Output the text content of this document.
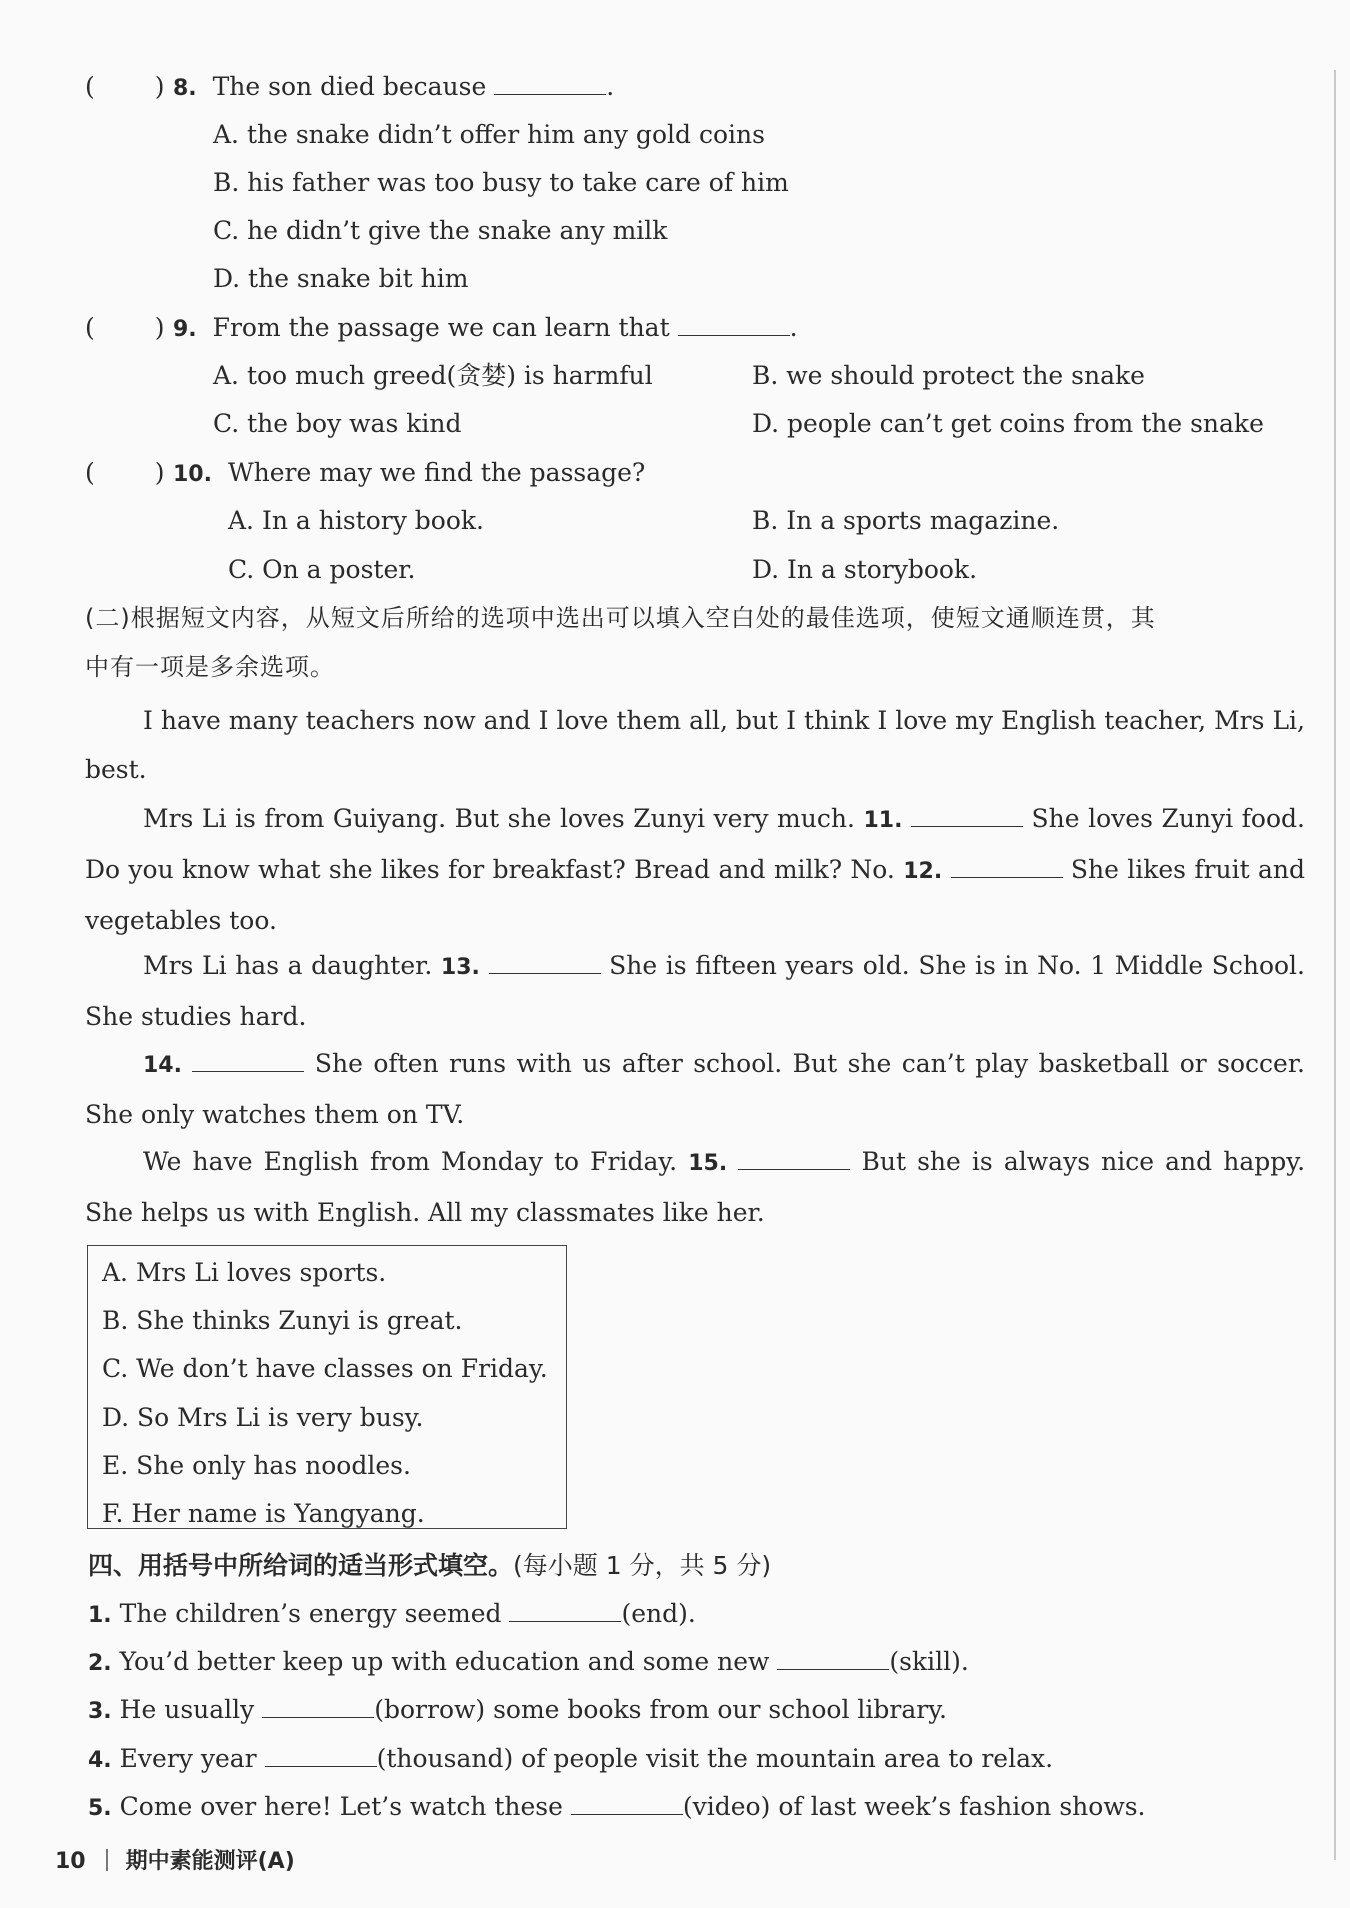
( ) 8. The son died because	.
A. the snake didn’t offer him any gold coins
B. his father was too busy to take care of him
C. he didn’t give the snake any milk
D. the snake bit him
( ) 9. From the passage we can learn that	.
A. too much greed(贪婪) is harmful	B. we should protect the snake
C. the boy was kind	D. people can’t get coins from the snake
( ) 10. Where may we find the passage?
A. In a history book.	B. In a sports magazine.
C. On a poster.	D. In a storybook.
(二)根据短文内容，从短文后所给的选项中选出可以填入空白处的最佳选项，使短文通顺连贯，其
中有一项是多余选项。
I have many teachers now and I love them all, but I think I love my English teacher, Mrs Li, best.
Mrs Li is from Guiyang. But she loves Zunyi very much. 11.	She loves Zunyi food. Do you know what she likes for breakfast? Bread and milk? No. 12.	She likes fruit and vegetables too.
Mrs Li has a daughter. 13.	She is fifteen years old. She is in No. 1 Middle School. She studies hard.
14.	She often runs with us after school. But she can’t play basketball or soccer. She only watches them on TV.
We have English from Monday to Friday. 15.	But she is always nice and happy. She helps us with English. All my classmates like her.
A. Mrs Li loves sports.
B. She thinks Zunyi is great.
C. We don’t have classes on Friday.
D. So Mrs Li is very busy.
E. She only has noodles.
F. Her name is Yangyang.
四、用括号中所给词的适当形式填空。(每小题 1 分，共 5 分)
1. The children’s energy seemed	(end).
2. You’d better keep up with education and some new	(skill).
3. He usually	(borrow) some books from our school library.
4. Every year	(thousand) of people visit the mountain area to relax.
5. Come over here! Let’s watch these	(video) of last week’s fashion shows.
10 期中素能测评(A)
